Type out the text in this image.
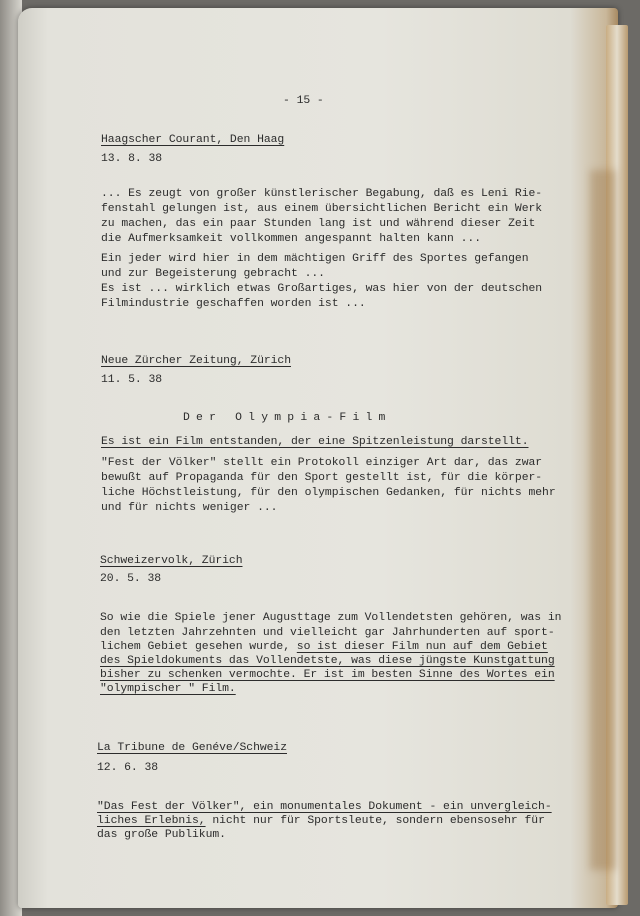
- 15 -
Haagscher Courant, Den Haag
13. 8. 38
... Es zeugt von großer künstlerischer Begabung, daß es Leni Rie-
fenstahl gelungen ist, aus einem übersichtlichen Bericht ein Werk
zu machen, das ein paar Stunden lang ist und während dieser Zeit
die Aufmerksamkeit vollkommen angespannt halten kann ...
Ein jeder wird hier in dem mächtigen Griff des Sportes gefangen
und zur Begeisterung gebracht ...
Es ist ... wirklich etwas Großartiges, was hier von der deutschen
Filmindustrie geschaffen worden ist ...
Neue Zürcher Zeitung, Zürich
11. 5. 38
Der Olympia-Film
Es ist ein Film entstanden, der eine Spitzenleistung darstellt.
"Fest der Völker" stellt ein Protokoll einziger Art dar, das zwar
bewußt auf Propaganda für den Sport gestellt ist, für die körper-
liche Höchstleistung, für den olympischen Gedanken, für nichts mehr
und für nichts weniger ...
Schweizervolk, Zürich
20. 5. 38
So wie die Spiele jener Augusttage zum Vollendetsten gehören, was in
den letzten Jahrzehnten und vielleicht gar Jahrhunderten auf sport-
lichem Gebiet gesehen wurde, so ist dieser Film nun auf dem Gebiet
des Spieldokuments das Vollendetste, was diese jüngste Kunstgattung
bisher zu schenken vermochte. Er ist im besten Sinne des Wortes ein
"olympischer " Film.
La Tribune de Genéve/Schweiz
12. 6. 38
"Das Fest der Völker", ein monumentales Dokument - ein unvergleich-
liches Erlebnis, nicht nur für Sportsleute, sondern ebensosehr für
das große Publikum.
